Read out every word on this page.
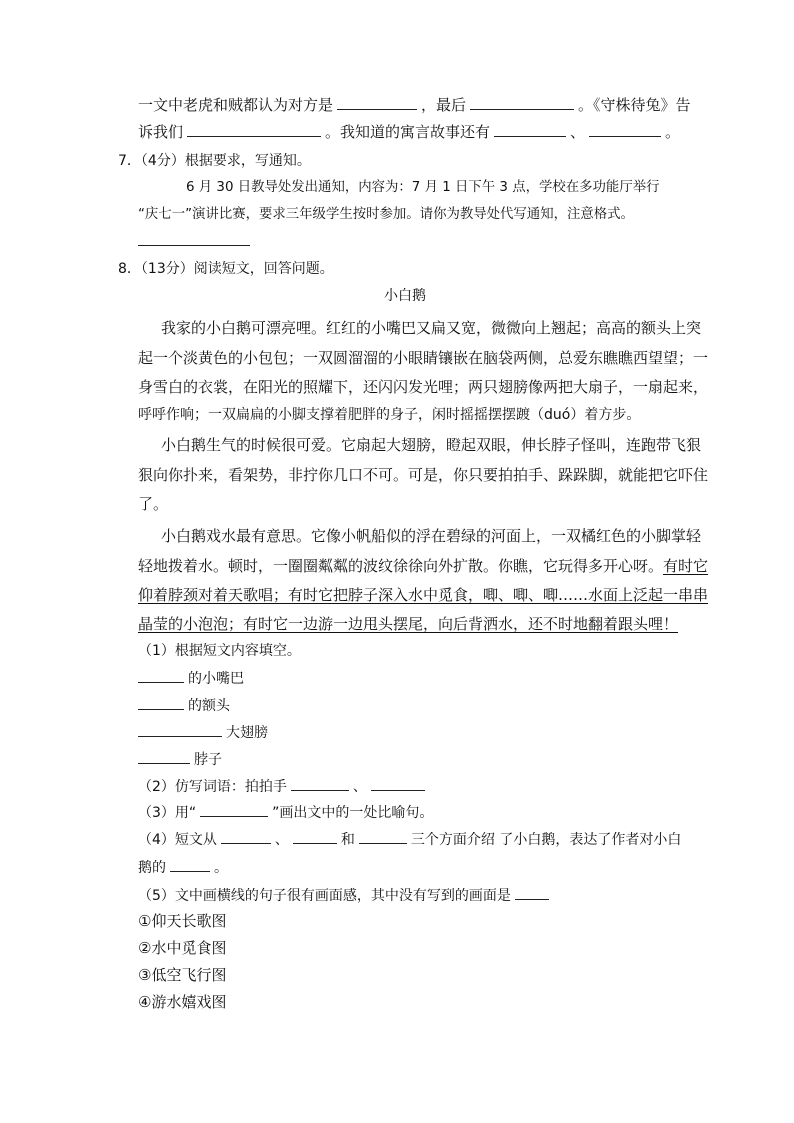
一文中老虎和贼都认为对方是	，最后	。《守株待兔》告
诉我们	。我知道的寓言故事还有	、	。
7．（4分）根据要求，写通知。
6 月 30 日教导处发出通知，内容为：7 月 1 日下午 3 点，学校在多功能厅举行
“庆七一”演讲比赛，要求三年级学生按时参加。请你为教导处代写通知，注意格式。
8．（13分）阅读短文，回答问题。
小白鹅
我家的小白鹅可漂亮哩。红红的小嘴巴又扁又宽，微微向上翘起；高高的额头上突
起一个淡黄色的小包包；一双圆溜溜的小眼睛镶嵌在脑袋两侧，总爱东瞧瞧西望望；一
身雪白的衣裳，在阳光的照耀下，还闪闪发光哩；两只翅膀像两把大扇子，一扇起来，
呼呼作响；一双扁扁的小脚支撑着肥胖的身子，闲时摇摇摆摆踱（duó）着方步。
小白鹅生气的时候很可爱。它扇起大翅膀，瞪起双眼，伸长脖子怪叫，连跑带飞狠
狠向你扑来，看架势，非拧你几口不可。可是，你只要拍拍手、跺跺脚，就能把它吓住
了。
小白鹅戏水最有意思。它像小帆船似的浮在碧绿的河面上，一双橘红色的小脚掌轻
轻地拨着水。顿时，一圈圈粼粼的波纹徐徐向外扩散。你瞧，它玩得多开心呀。有时它
仰着脖颈对着天歌唱；有时它把脖子深入水中觅食，唧、唧、唧……水面上泛起一串串
晶莹的小泡泡；有时它一边游一边甩头摆尾，向后背洒水，还不时地翻着跟头哩！
（1）根据短文内容填空。
的小嘴巴
的额头
大翅膀
脖子
（2）仿写词语：拍拍手	、
（3）用“	”画出文中的一处比喻句。
（4）短文从	、	和	三个方面介绍 了小白鹅，表达了作者对小白
鹅的	。
（5）文中画横线的句子很有画面感，其中没有写到的画面是
①仰天长歌图
②水中觅食图
③低空飞行图
④游水嬉戏图
